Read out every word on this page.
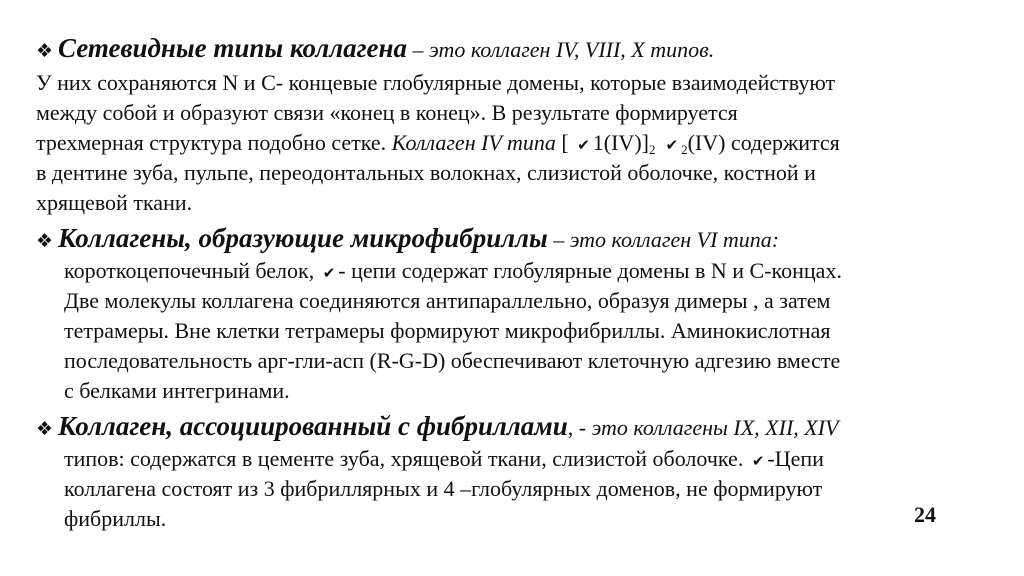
❖ Сетевидные типы коллагена – это коллаген IV, VIII, X типов.
У них сохраняются N и С- концевые глобулярные домены, которые взаимодействуют
между собой и образуют связи «конец в конец». В результате формируется
трехмерная структура подобно сетке. Коллаген IV типа [ ✔ $1(IV)]_2$ ✔ $_2$(IV) содержится
в дентине зуба, пульпе, переодонтальных волокнах, слизистой оболочке, костной и
хрящевой ткани.
❖ Коллагены, образующие микрофибриллы – это коллаген VI типа:
короткоцепочечный белок, ✔ - цепи содержат глобулярные домены в N и С-концах.
Две молекулы коллагена соединяются антипараллельно, образуя димеры , а затем
тетрамеры. Вне клетки тетрамеры формируют микрофибриллы. Аминокислотная
последовательность арг-гли-асп (R-G-D) обеспечивают клеточную адгезию вместе
с белками интегринами.
❖ Коллаген, ассоциированный с фибриллами, - это коллагены IX, XII, XIV
типов: содержатся в цементе зуба, хрящевой ткани, слизистой оболочке. ✔ -Цепи
коллагена состоят из 3 фибриллярных и 4 –глобулярных доменов, не формируют
фибриллы.	24
